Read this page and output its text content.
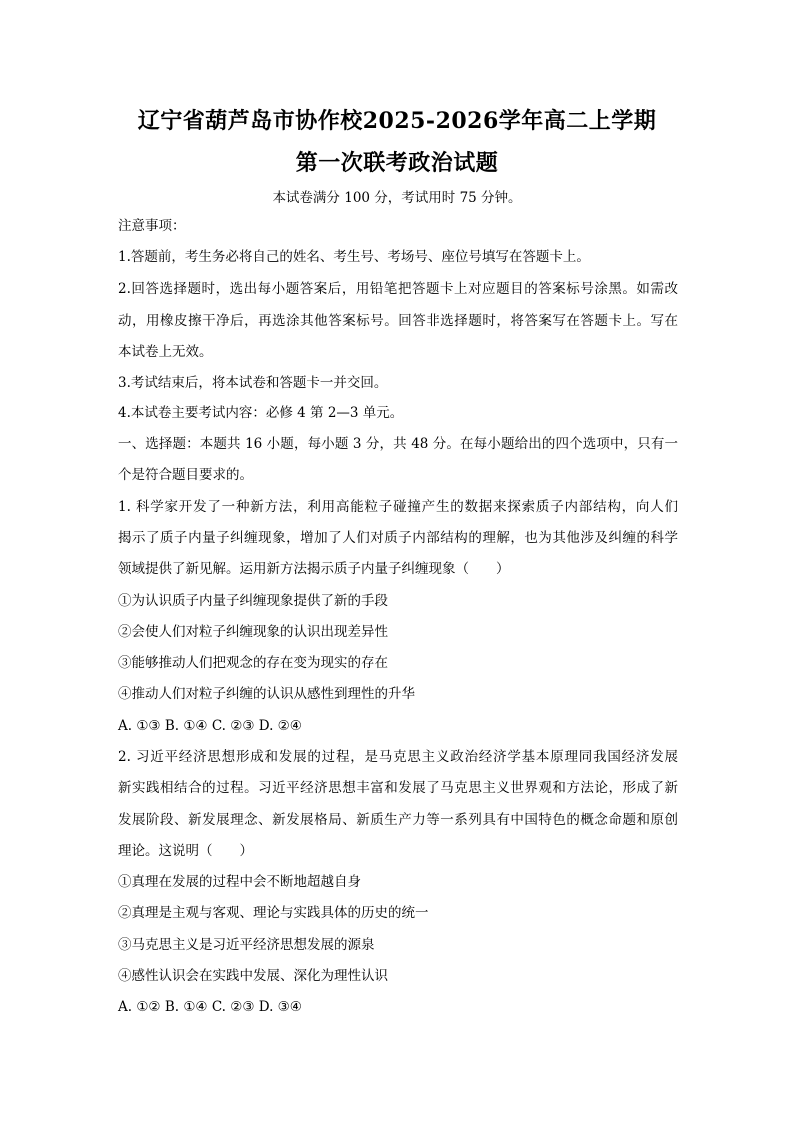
辽宁省葫芦岛市协作校2025-2026学年高二上学期
第一次联考政治试题
本试卷满分 100 分，考试用时 75 分钟。
注意事项：
1.答题前，考生务必将自己的姓名、考生号、考场号、座位号填写在答题卡上。
2.回答选择题时，选出每小题答案后，用铅笔把答题卡上对应题目的答案标号涂黑。如需改
动，用橡皮擦干净后，再选涂其他答案标号。回答非选择题时，将答案写在答题卡上。写在
本试卷上无效。
3.考试结束后，将本试卷和答题卡一并交回。
4.本试卷主要考试内容：必修 4 第 2—3 单元。
一、选择题：本题共 16 小题，每小题 3 分，共 48 分。在每小题给出的四个选项中，只有一
个是符合题目要求的。
1. 科学家开发了一种新方法，利用高能粒子碰撞产生的数据来探索质子内部结构，向人们
揭示了质子内量子纠缠现象，增加了人们对质子内部结构的理解，也为其他涉及纠缠的科学
领域提供了新见解。运用新方法揭示质子内量子纠缠现象（　　）
①为认识质子内量子纠缠现象提供了新的手段
②会使人们对粒子纠缠现象的认识出现差异性
③能够推动人们把观念的存在变为现实的存在
④推动人们对粒子纠缠的认识从感性到理性的升华
A. ①③ B. ①④ C. ②③ D. ②④
2. 习近平经济思想形成和发展的过程，是马克思主义政治经济学基本原理同我国经济发展
新实践相结合的过程。习近平经济思想丰富和发展了马克思主义世界观和方法论，形成了新
发展阶段、新发展理念、新发展格局、新质生产力等一系列具有中国特色的概念命题和原创
理论。这说明（　　）
①真理在发展的过程中会不断地超越自身
②真理是主观与客观、理论与实践具体的历史的统一
③马克思主义是习近平经济思想发展的源泉
④感性认识会在实践中发展、深化为理性认识
A. ①② B. ①④ C. ②③ D. ③④
